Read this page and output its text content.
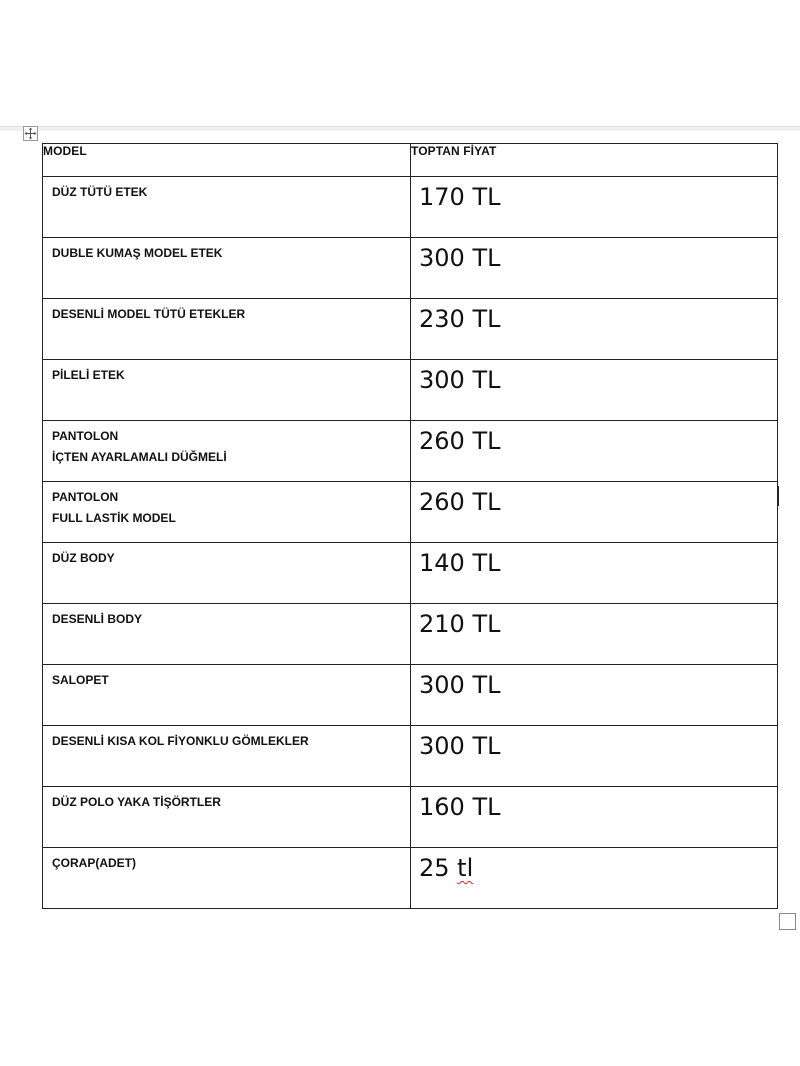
MODEL	TOPTAN FİYAT

DÜZ TÜTÜ ETEK	170 TL

DUBLE KUMAŞ MODEL ETEK	300 TL

DESENLİ MODEL TÜTÜ ETEKLER	230 TL

PİLELİ ETEK	300 TL

PANTOLON
İÇTEN AYARLAMALI DÜĞMELİ	260 TL

PANTOLON
FULL LASTİK MODEL	260 TL

DÜZ BODY	140 TL

DESENLİ BODY	210 TL

SALOPET	300 TL

DESENLİ KISA KOL FİYONKLU GÖMLEKLER	300 TL

DÜZ POLO YAKA TİŞÖRTLER	160 TL

ÇORAP(ADET)	25 tl
